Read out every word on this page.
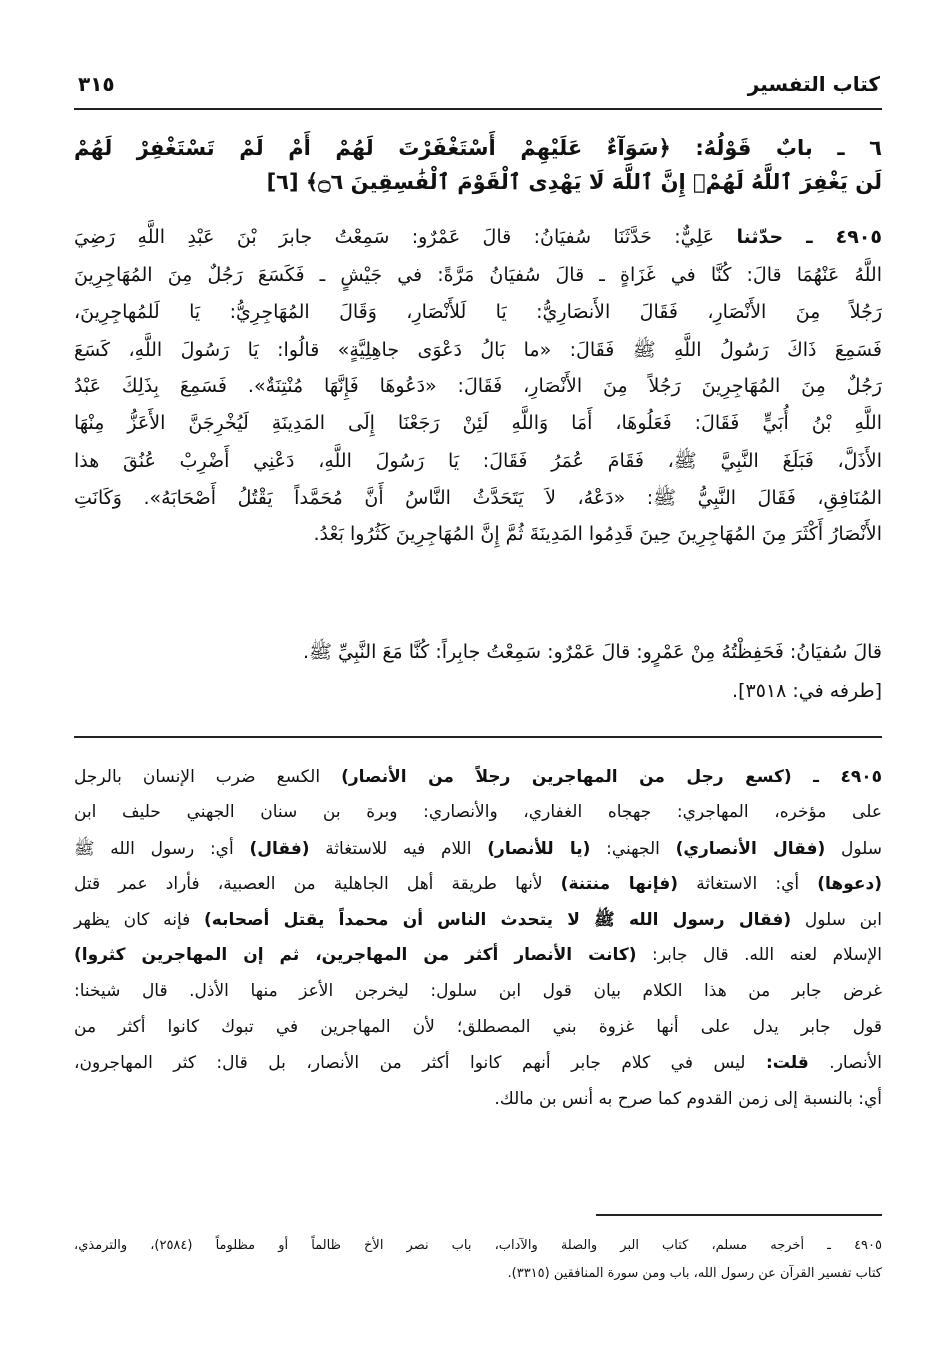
كتاب التفسير
٣١٥
٦ ـ بابٌ قَوْلُهُ: ﴿سَوَآءٌ عَلَيْهِمْ أَسْتَغْفَرْتَ لَهُمْ أَمْ لَمْ تَسْتَغْفِرْ لَهُمْ
لَن يَغْفِرَ ٱللَّهُ لَهُمْۚ إِنَّ ٱللَّهَ لَا يَهْدِى ٱلْقَوْمَ ٱلْفَٰسِقِينَ ۝٦﴾ [٦]
٤٩٠٥ ـ حدّثنا عَلِيٌّ: حَدَّثَنَا سُفيَانُ: قالَ عَمْرٌو: سَمِعْتُ جابرَ بْنَ عَبْدِ اللَّهِ رَضِيَ
اللَّهُ عَنْهُمَا قالَ: كُنَّا في غَزَاةٍ ـ قالَ سُفيَانُ مَرَّةً: في جَيْشٍ ـ فَكَسَعَ رَجُلٌ مِنَ المُهَاجِرِينَ
رَجُلاً مِنَ الأَنْصَارِ، فَقَالَ الأَنصَارِيُّ: يَا لَلأَنْصَارِ، وَقَالَ المُهَاجِرِيُّ: يَا لَلمُهاجِرِينَ،
فَسَمِعَ ذَاكَ رَسُولُ اللَّهِ ﷺ فَقَالَ: «ما بَالُ دَعْوَى جاهِلِيَّةٍ» قالُوا: يَا رَسُولَ اللَّهِ، كَسَعَ
رَجُلٌ مِنَ المُهَاجِرِينَ رَجُلاً مِنَ الأَنْصَارِ، فَقَالَ: «دَعُوهَا فَإِنَّهَا مُنْتِنَةٌ». فَسَمِعَ بِذَلِكَ عَبْدُ
اللَّهِ بْنُ أُبَيٍّ فَقَالَ: فَعَلُوهَا، أَمَا وَاللَّهِ لَئِنْ رَجَعْنَا إِلَى المَدِينَةِ لَيُخْرِجَنَّ الأَعَزُّ مِنْهَا
الأَذَلَّ، فَبَلَغَ النَّبِيَّ ﷺ، فَقَامَ عُمَرُ فَقَالَ: يَا رَسُولَ اللَّهِ، دَعْنِي أَضْرِبْ عُنُقَ هذا
المُنَافِقِ، فَقَالَ النَّبِيُّ ﷺ: «دَعْهُ، لاَ يَتَحَدَّثُ النَّاسُ أَنَّ مُحَمَّداً يَقْتُلُ أَصْحَابَهُ». وَكَانَتِ
الأَنْصَارُ أَكْثَرَ مِنَ المُهَاجِرِينَ حِينَ قَدِمُوا المَدِينَةَ ثُمَّ إِنَّ المُهَاجِرِينَ كَثُرُوا بَعْدُ.
قالَ سُفيَانُ: فَحَفِظْتُهُ مِنْ عَمْرٍو: قالَ عَمْرٌو: سَمِعْتُ جابِراً: كُنَّا مَعَ النَّبِيِّ ﷺ.
[طرفه في: ٣٥١٨].
٤٩٠٥ ـ (كسع رجل من المهاجرين رجلاً من الأنصار) الكسع ضرب الإنسان بالرجل
على مؤخره، المهاجري: جهجاه الغفاري، والأنصاري: وبرة بن سنان الجهني حليف ابن
سلول (فقال الأنصاري) الجهني: (يا للأنصار) اللام فيه للاستغاثة (فقال) أي: رسول الله ﷺ
(دعوها) أي: الاستغاثة (فإنها منتنة) لأنها طريقة أهل الجاهلية من العصبية، فأراد عمر قتل
ابن سلول (فقال رسول الله ﷺ لا يتحدث الناس أن محمداً يقتل أصحابه) فإنه كان يظهر
الإسلام لعنه الله. قال جابر: (كانت الأنصار أكثر من المهاجرين، ثم إن المهاجرين كثروا)
غرض جابر من هذا الكلام بيان قول ابن سلول: ليخرجن الأعز منها الأذل. قال شيخنا:
قول جابر يدل على أنها غزوة بني المصطلق؛ لأن المهاجرين في تبوك كانوا أكثر من
الأنصار. قلت: ليس في كلام جابر أنهم كانوا أكثر من الأنصار، بل قال: كثر المهاجرون،
أي: بالنسبة إلى زمن القدوم كما صرح به أنس بن مالك.
٤٩٠٥ ـ أخرجه مسلم، كتاب البر والصلة والآداب، باب نصر الأخ ظالماً أو مظلوماً (٢٥٨٤)، والترمذي،
كتاب تفسير القرآن عن رسول الله، باب ومن سورة المنافقين (٣٣١٥).
